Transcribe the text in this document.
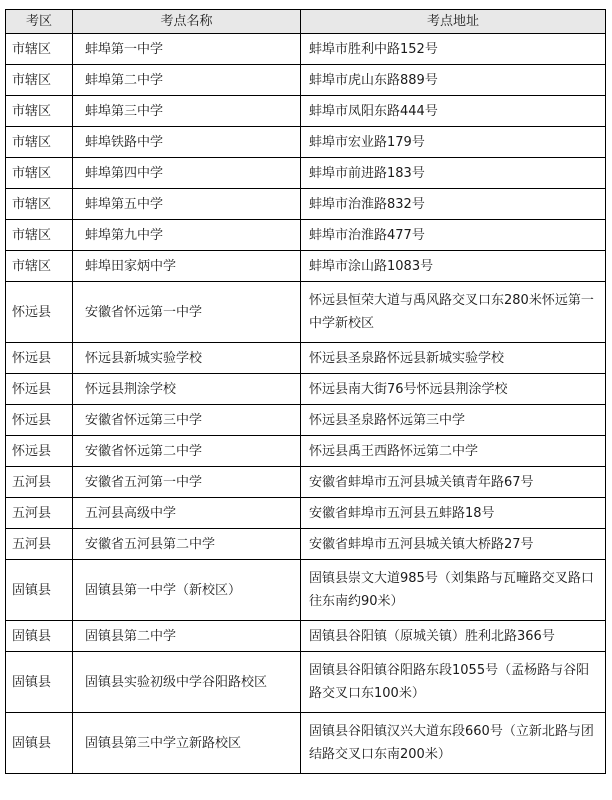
考区	考点名称	考点地址
市辖区	蚌埠第一中学	蚌埠市胜利中路152号
市辖区	蚌埠第二中学	蚌埠市虎山东路889号
市辖区	蚌埠第三中学	蚌埠市凤阳东路444号
市辖区	蚌埠铁路中学	蚌埠市宏业路179号
市辖区	蚌埠第四中学	蚌埠市前进路183号
市辖区	蚌埠第五中学	蚌埠市治淮路832号
市辖区	蚌埠第九中学	蚌埠市治淮路477号
市辖区	蚌埠田家炳中学	蚌埠市涂山路1083号
怀远县	安徽省怀远第一中学	怀远县恒荣大道与禹风路交叉口东280米怀远第一中学新校区
怀远县	怀远县新城实验学校	怀远县圣泉路怀远县新城实验学校
怀远县	怀远县荆涂学校	怀远县南大街76号怀远县荆涂学校
怀远县	安徽省怀远第三中学	怀远县圣泉路怀远第三中学
怀远县	安徽省怀远第二中学	怀远县禹王西路怀远第二中学
五河县	安徽省五河第一中学	安徽省蚌埠市五河县城关镇青年路67号
五河县	五河县高级中学	安徽省蚌埠市五河县五蚌路18号
五河县	安徽省五河县第二中学	安徽省蚌埠市五河县城关镇大桥路27号
固镇县	固镇县第一中学（新校区）	固镇县崇文大道985号（刘集路与瓦疃路交叉路口往东南约90米）
固镇县	固镇县第二中学	固镇县谷阳镇（原城关镇）胜利北路366号
固镇县	固镇县实验初级中学谷阳路校区	固镇县谷阳镇谷阳路东段1055号（孟杨路与谷阳路交叉口东100米）
固镇县	固镇县第三中学立新路校区	固镇县谷阳镇汉兴大道东段660号（立新北路与团结路交叉口东南200米）
